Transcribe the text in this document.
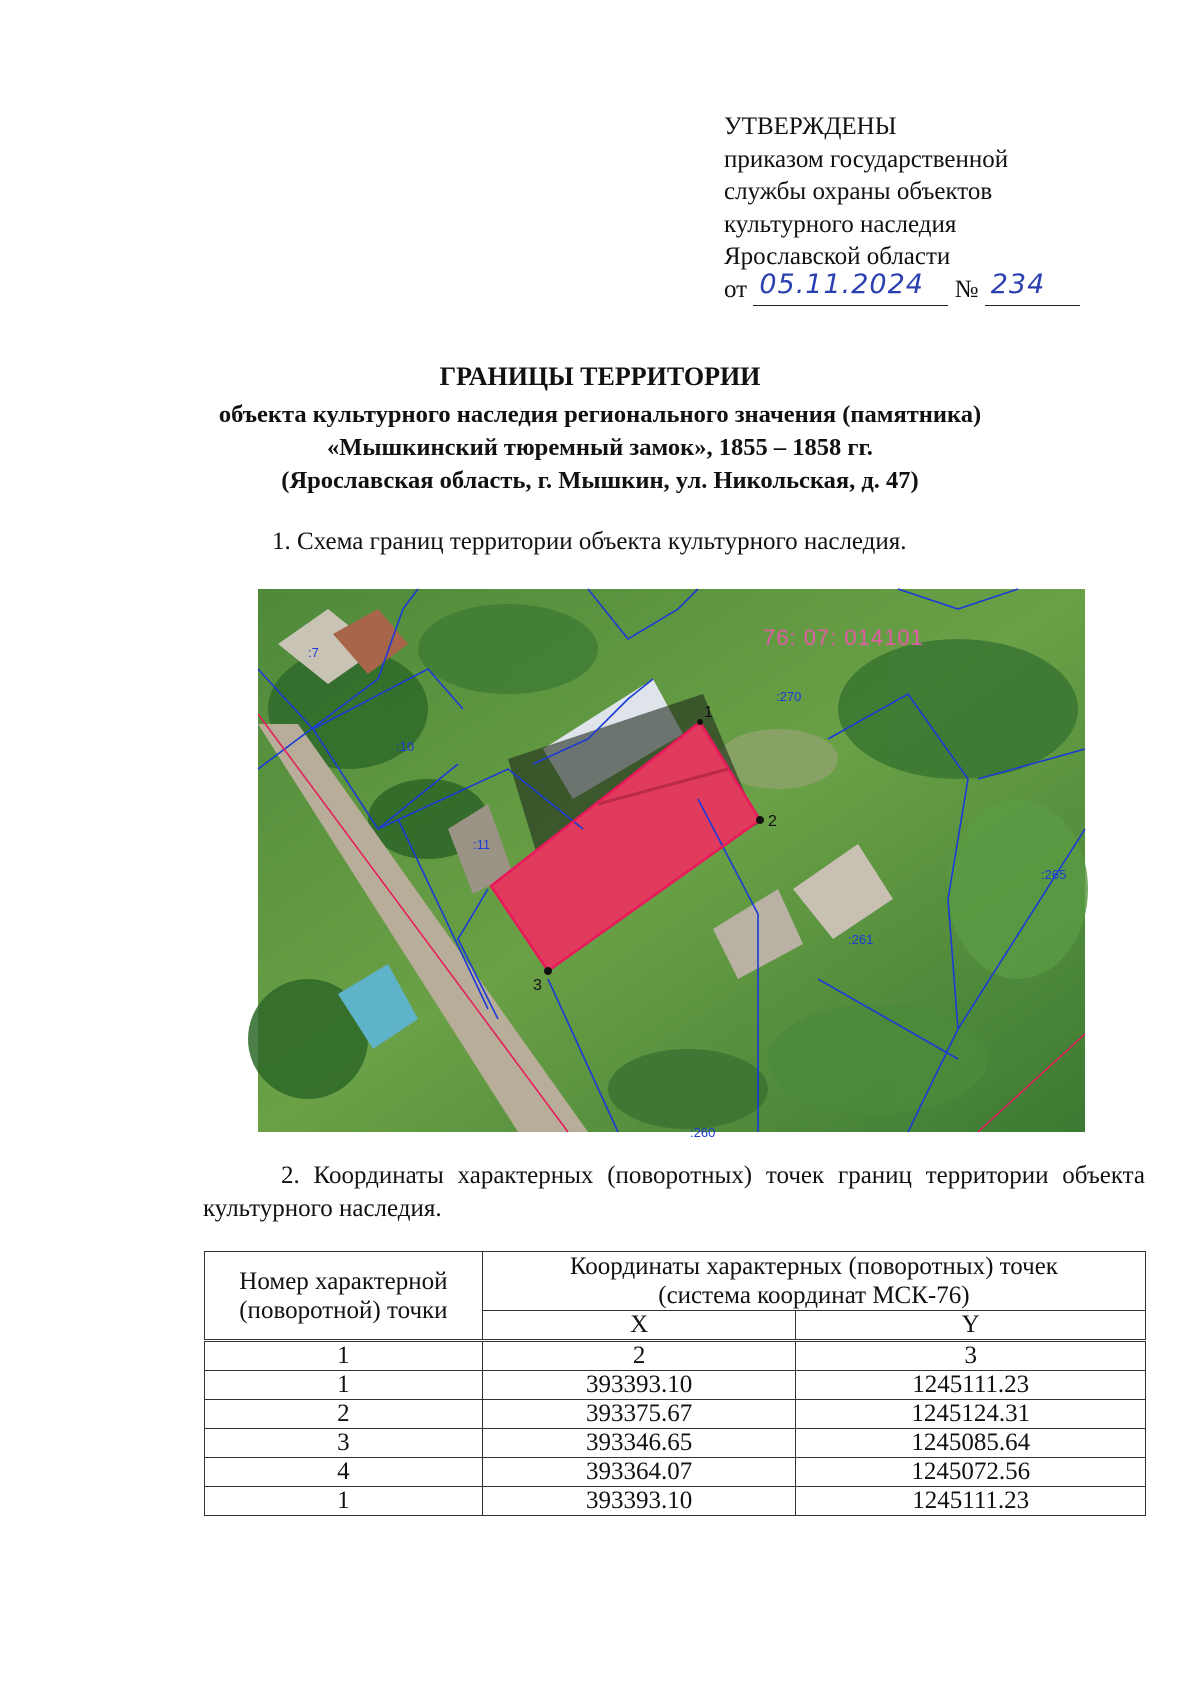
УТВЕРЖДЕНЫ
приказом государственной
службы охраны объектов
культурного наследия
Ярославской области
от 05.11.2024 № 234
ГРАНИЦЫ ТЕРРИТОРИИ
объекта культурного наследия регионального значения (памятника)
«Мышкинский тюремный замок», 1855 – 1858 гг.
(Ярославская область, г. Мышкин, ул. Никольская, д. 47)
1. Схема границ территории объекта культурного наследия.
1
2
3
76: 07: 014101
:7
:10
:11
:270
:261
:265
:260
2. Координаты характерных (поворотных) точек границ территории объекта культурного наследия.
Номер характерной (поворотной) точки	Координаты характерных (поворотных) точек
(система координат МСК-76)	

	X	Y
1	2	3
1	393393.10	1245111.23
2	393375.67	1245124.31
3	393346.65	1245085.64
4	393364.07	1245072.56
1	393393.10	1245111.23
